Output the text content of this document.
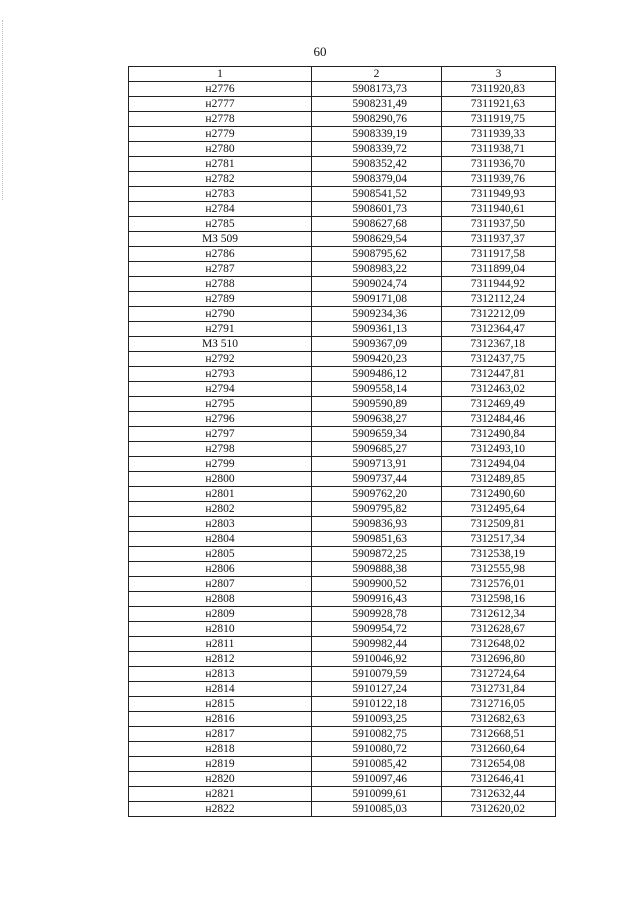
60
1	2	3
н2776	5908173,73	7311920,83
н2777	5908231,49	7311921,63
н2778	5908290,76	7311919,75
н2779	5908339,19	7311939,33
н2780	5908339,72	7311938,71
н2781	5908352,42	7311936,70
н2782	5908379,04	7311939,76
н2783	5908541,52	7311949,93
н2784	5908601,73	7311940,61
н2785	5908627,68	7311937,50
МЗ 509	5908629,54	7311937,37
н2786	5908795,62	7311917,58
н2787	5908983,22	7311899,04
н2788	5909024,74	7311944,92
н2789	5909171,08	7312112,24
н2790	5909234,36	7312212,09
н2791	5909361,13	7312364,47
МЗ 510	5909367,09	7312367,18
н2792	5909420,23	7312437,75
н2793	5909486,12	7312447,81
н2794	5909558,14	7312463,02
н2795	5909590,89	7312469,49
н2796	5909638,27	7312484,46
н2797	5909659,34	7312490,84
н2798	5909685,27	7312493,10
н2799	5909713,91	7312494,04
н2800	5909737,44	7312489,85
н2801	5909762,20	7312490,60
н2802	5909795,82	7312495,64
н2803	5909836,93	7312509,81
н2804	5909851,63	7312517,34
н2805	5909872,25	7312538,19
н2806	5909888,38	7312555,98
н2807	5909900,52	7312576,01
н2808	5909916,43	7312598,16
н2809	5909928,78	7312612,34
н2810	5909954,72	7312628,67
н2811	5909982,44	7312648,02
н2812	5910046,92	7312696,80
н2813	5910079,59	7312724,64
н2814	5910127,24	7312731,84
н2815	5910122,18	7312716,05
н2816	5910093,25	7312682,63
н2817	5910082,75	7312668,51
н2818	5910080,72	7312660,64
н2819	5910085,42	7312654,08
н2820	5910097,46	7312646,41
н2821	5910099,61	7312632,44
н2822	5910085,03	7312620,02
